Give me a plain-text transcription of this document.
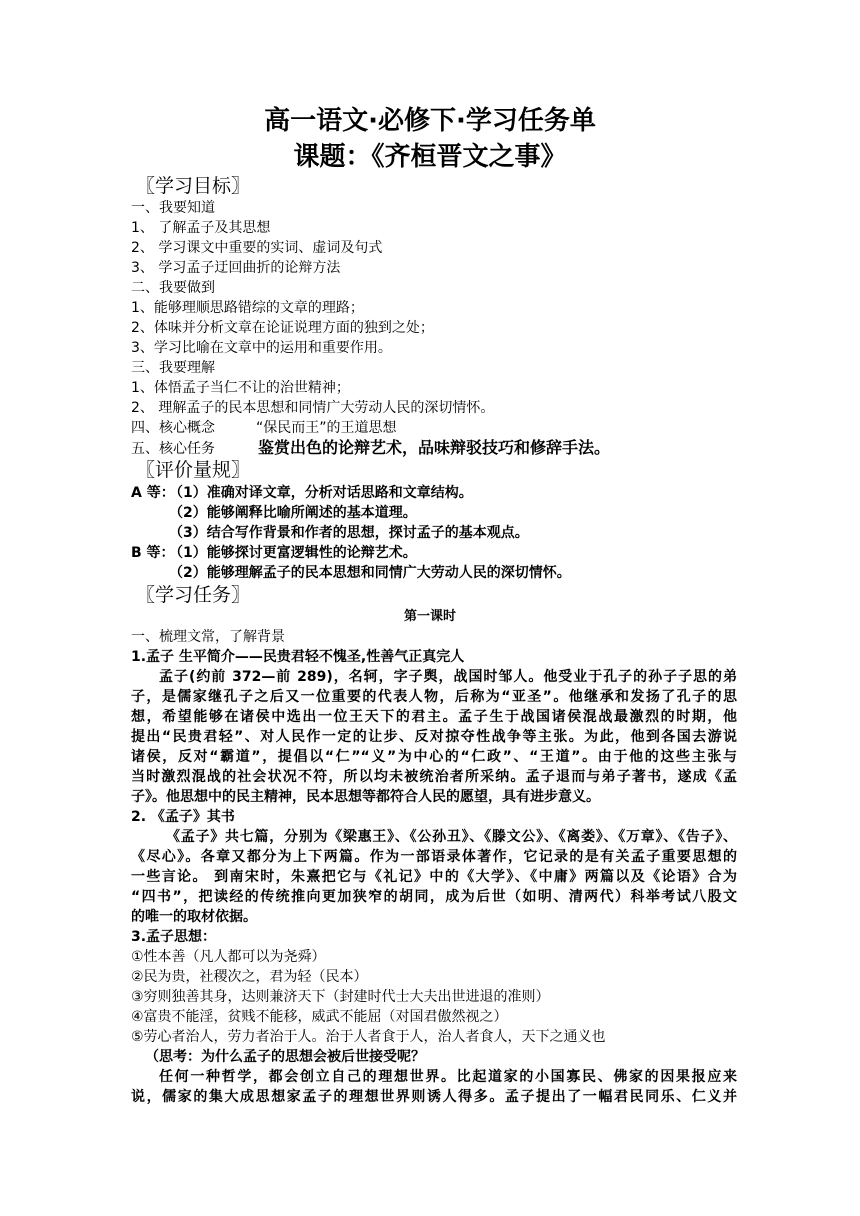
高一语文·必修下·学习任务单
课题：《齐桓晋文之事》
〖学习目标〗
一、我要知道
1、 了解孟子及其思想
2、 学习课文中重要的实词、虚词及句式
3、 学习孟子迂回曲折的论辩方法
二、我要做到
1、能够理顺思路错综的文章的理路；
2、体味并分析文章在论证说理方面的独到之处；
3、学习比喻在文章中的运用和重要作用。
三、我要理解
1、体悟孟子当仁不让的治世精神；
2、 理解孟子的民本思想和同情广大劳动人民的深切情怀。
四、核心概念	“保民而王”的王道思想
五、核心任务	鉴赏出色的论辩艺术，品味辩驳技巧和修辞手法。
〖评价量规〗
A 等：
（1）准确对译文章，分析对话思路和文章结构。
（2）能够阐释比喻所阐述的基本道理。
（3）结合写作背景和作者的思想，探讨孟子的基本观点。
B 等：
（1）能够探讨更富逻辑性的论辩艺术。
（2）能够理解孟子的民本思想和同情广大劳动人民的深切情怀。
〖学习任务〗
第一课时
一、梳理文常，了解背景
1.孟子 生平简介——民贵君轻不愧圣,性善气正真完人
孟子(约前 372—前 289)，名轲，字子舆，战国时邹人。他受业于孔子的孙子子思的弟
子，是儒家继孔子之后又一位重要的代表人物，后称为“亚圣”。他继承和发扬了孔子的思
想，希望能够在诸侯中选出一位王天下的君主。孟子生于战国诸侯混战最激烈的时期，他
提出“民贵君轻”、对人民作一定的让步、反对掠夺性战争等主张。为此，他到各国去游说
诸侯，反对“霸道”，提倡以“仁”“义”为中心的“仁政”、“王道”。由于他的这些主张与
当时激烈混战的社会状况不符，所以均未被统治者所采纳。孟子退而与弟子著书，遂成《孟
子》。他思想中的民主精神，民本思想等都符合人民的愿望，具有进步意义。
2. 《孟子》其书
《孟子》共七篇，分别为《梁惠王》、《公孙丑》、《滕文公》、《离娄》、《万章》、《告子》、
《尽心》。各章又都分为上下两篇。作为一部语录体著作，它记录的是有关孟子重要思想的
一些言论。 到南宋时，朱熹把它与《礼记》中的《大学》、《中庸》两篇以及《论语》合为
“四书”，把读经的传统推向更加狭窄的胡同，成为后世（如明、清两代）科举考试八股文
的唯一的取材依据。
3.孟子思想：
①性本善（凡人都可以为尧舜）
②民为贵，社稷次之，君为轻（民本）
③穷则独善其身，达则兼济天下（封建时代士大夫出世进退的准则）
④富贵不能淫，贫贱不能移，威武不能屈（对国君傲然视之）
⑤劳心者治人，劳力者治于人。治于人者食于人，治人者食人，天下之通义也
（思考：为什么孟子的思想会被后世接受呢？
任何一种哲学，都会创立自己的理想世界。比起道家的小国寡民、佛家的因果报应来
说，儒家的集大成思想家孟子的理想世界则诱人得多。孟子提出了一幅君民同乐、仁义并
